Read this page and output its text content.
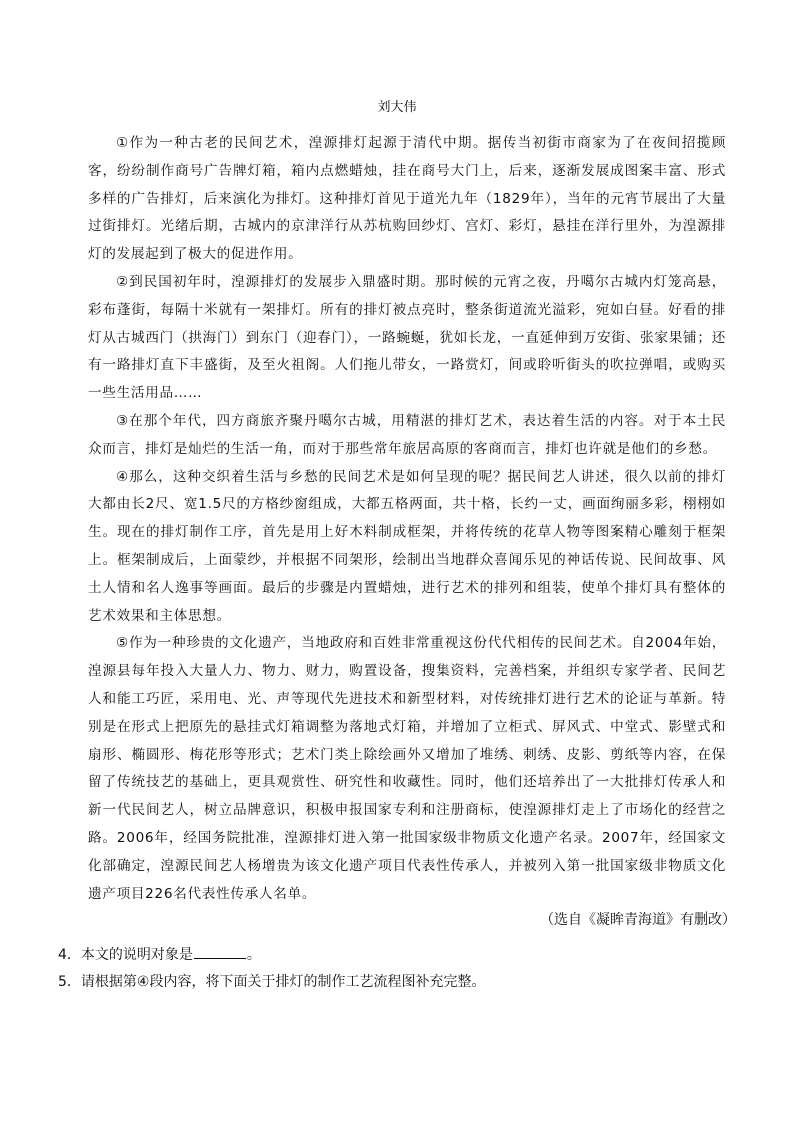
刘大伟

①作为一种古老的民间艺术，湟源排灯起源于清代中期。据传当初街市商家为了在夜间招揽顾客，纷纷制作商号广告牌灯箱，箱内点燃蜡烛，挂在商号大门上，后来，逐渐发展成图案丰富、形式多样的广告排灯，后来演化为排灯。这种排灯首见于道光九年（1829年），当年的元宵节展出了大量过街排灯。光绪后期，古城内的京津洋行从苏杭购回纱灯、宫灯、彩灯，悬挂在洋行里外，为湟源排灯的发展起到了极大的促进作用。

②到民国初年时，湟源排灯的发展步入鼎盛时期。那时候的元宵之夜，丹噶尔古城内灯笼高悬，彩布蓬街，每隔十米就有一架排灯。所有的排灯被点亮时，整条街道流光溢彩，宛如白昼。好看的排灯从古城西门（拱海门）到东门（迎春门），一路蜿蜒，犹如长龙，一直延伸到万安街、张家果铺；还有一路排灯直下丰盛街，及至火祖阁。人们拖儿带女，一路赏灯，间或聆听街头的吹拉弹唱，或购买一些生活用品……

③在那个年代，四方商旅齐聚丹噶尔古城，用精湛的排灯艺术，表达着生活的内容。对于本土民众而言，排灯是灿烂的生活一角，而对于那些常年旅居高原的客商而言，排灯也许就是他们的乡愁。

④那么，这种交织着生活与乡愁的民间艺术是如何呈现的呢？据民间艺人讲述，很久以前的排灯大都由长2尺、宽1.5尺的方格纱窗组成，大都五格两面，共十格，长约一丈，画面绚丽多彩，栩栩如生。现在的排灯制作工序，首先是用上好木料制成框架，并将传统的花草人物等图案精心雕刻于框架上。框架制成后，上面蒙纱，并根据不同架形，绘制出当地群众喜闻乐见的神话传说、民间故事、风土人情和名人逸事等画面。最后的步骤是内置蜡烛，进行艺术的排列和组装，使单个排灯具有整体的艺术效果和主体思想。

⑤作为一种珍贵的文化遗产，当地政府和百姓非常重视这份代代相传的民间艺术。自2004年始，湟源县每年投入大量人力、物力、财力，购置设备，搜集资料，完善档案，并组织专家学者、民间艺人和能工巧匠，采用电、光、声等现代先进技术和新型材料，对传统排灯进行艺术的论证与革新。特别是在形式上把原先的悬挂式灯箱调整为落地式灯箱，并增加了立柜式、屏风式、中堂式、影壁式和扇形、椭圆形、梅花形等形式；艺术门类上除绘画外又增加了堆绣、刺绣、皮影、剪纸等内容，在保留了传统技艺的基础上，更具观赏性、研究性和收藏性。同时，他们还培养出了一大批排灯传承人和新一代民间艺人，树立品牌意识，积极申报国家专利和注册商标，使湟源排灯走上了市场化的经营之路。2006年，经国务院批准，湟源排灯进入第一批国家级非物质文化遗产名录。2007年，经国家文化部确定，湟源民间艺人杨增贵为该文化遗产项目代表性传承人，并被列入第一批国家级非物质文化遗产项目226名代表性传承人名单。

（选自《凝眸青海道》有删改）
4．本文的说明对象是	。
5．请根据第④段内容，将下面关于排灯的制作工艺流程图补充完整。
